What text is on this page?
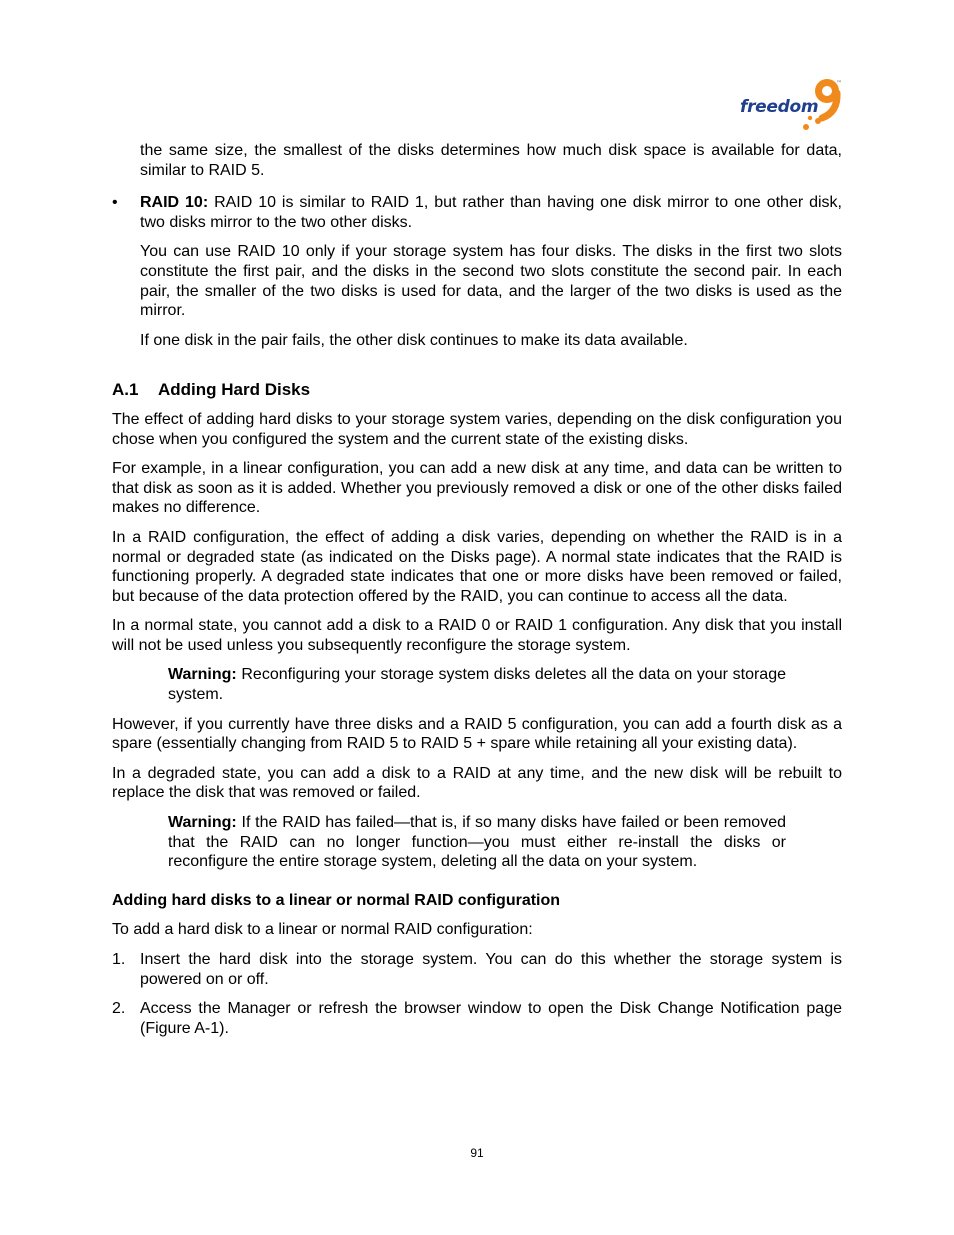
™
freedom

the same size, the smallest of the disks determines how much disk space is available for data, similar to RAID 5.

•	RAID 10: RAID 10 is similar to RAID 1, but rather than having one disk mirror to one other disk, two disks mirror to the two other disks.

You can use RAID 10 only if your storage system has four disks. The disks in the first two slots constitute the first pair, and the disks in the second two slots constitute the second pair. In each pair, the smaller of the two disks is used for data, and the larger of the two disks is used as the mirror.

If one disk in the pair fails, the other disk continues to make its data available.

A.1 Adding Hard Disks

The effect of adding hard disks to your storage system varies, depending on the disk configuration you chose when you configured the system and the current state of the existing disks.

For example, in a linear configuration, you can add a new disk at any time, and data can be written to that disk as soon as it is added. Whether you previously removed a disk or one of the other disks failed makes no difference.

In a RAID configuration, the effect of adding a disk varies, depending on whether the RAID is in a normal or degraded state (as indicated on the Disks page). A normal state indicates that the RAID is functioning properly. A degraded state indicates that one or more disks have been removed or failed, but because of the data protection offered by the RAID, you can continue to access all the data.

In a normal state, you cannot add a disk to a RAID 0 or RAID 1 configuration. Any disk that you install will not be used unless you subsequently reconfigure the storage system.

Warning: Reconfiguring your storage system disks deletes all the data on your storage system.

However, if you currently have three disks and a RAID 5 configuration, you can add a fourth disk as a spare (essentially changing from RAID 5 to RAID 5 + spare while retaining all your existing data).

In a degraded state, you can add a disk to a RAID at any time, and the new disk will be rebuilt to replace the disk that was removed or failed.

Warning: If the RAID has failed—that is, if so many disks have failed or been removed that the RAID can no longer function—you must either re-install the disks or reconfigure the entire storage system, deleting all the data on your system.

Adding hard disks to a linear or normal RAID configuration

To add a hard disk to a linear or normal RAID configuration:

1. Insert the hard disk into the storage system. You can do this whether the storage system is powered on or off.

2. Access the Manager or refresh the browser window to open the Disk Change Notification page (Figure A-1).

91
